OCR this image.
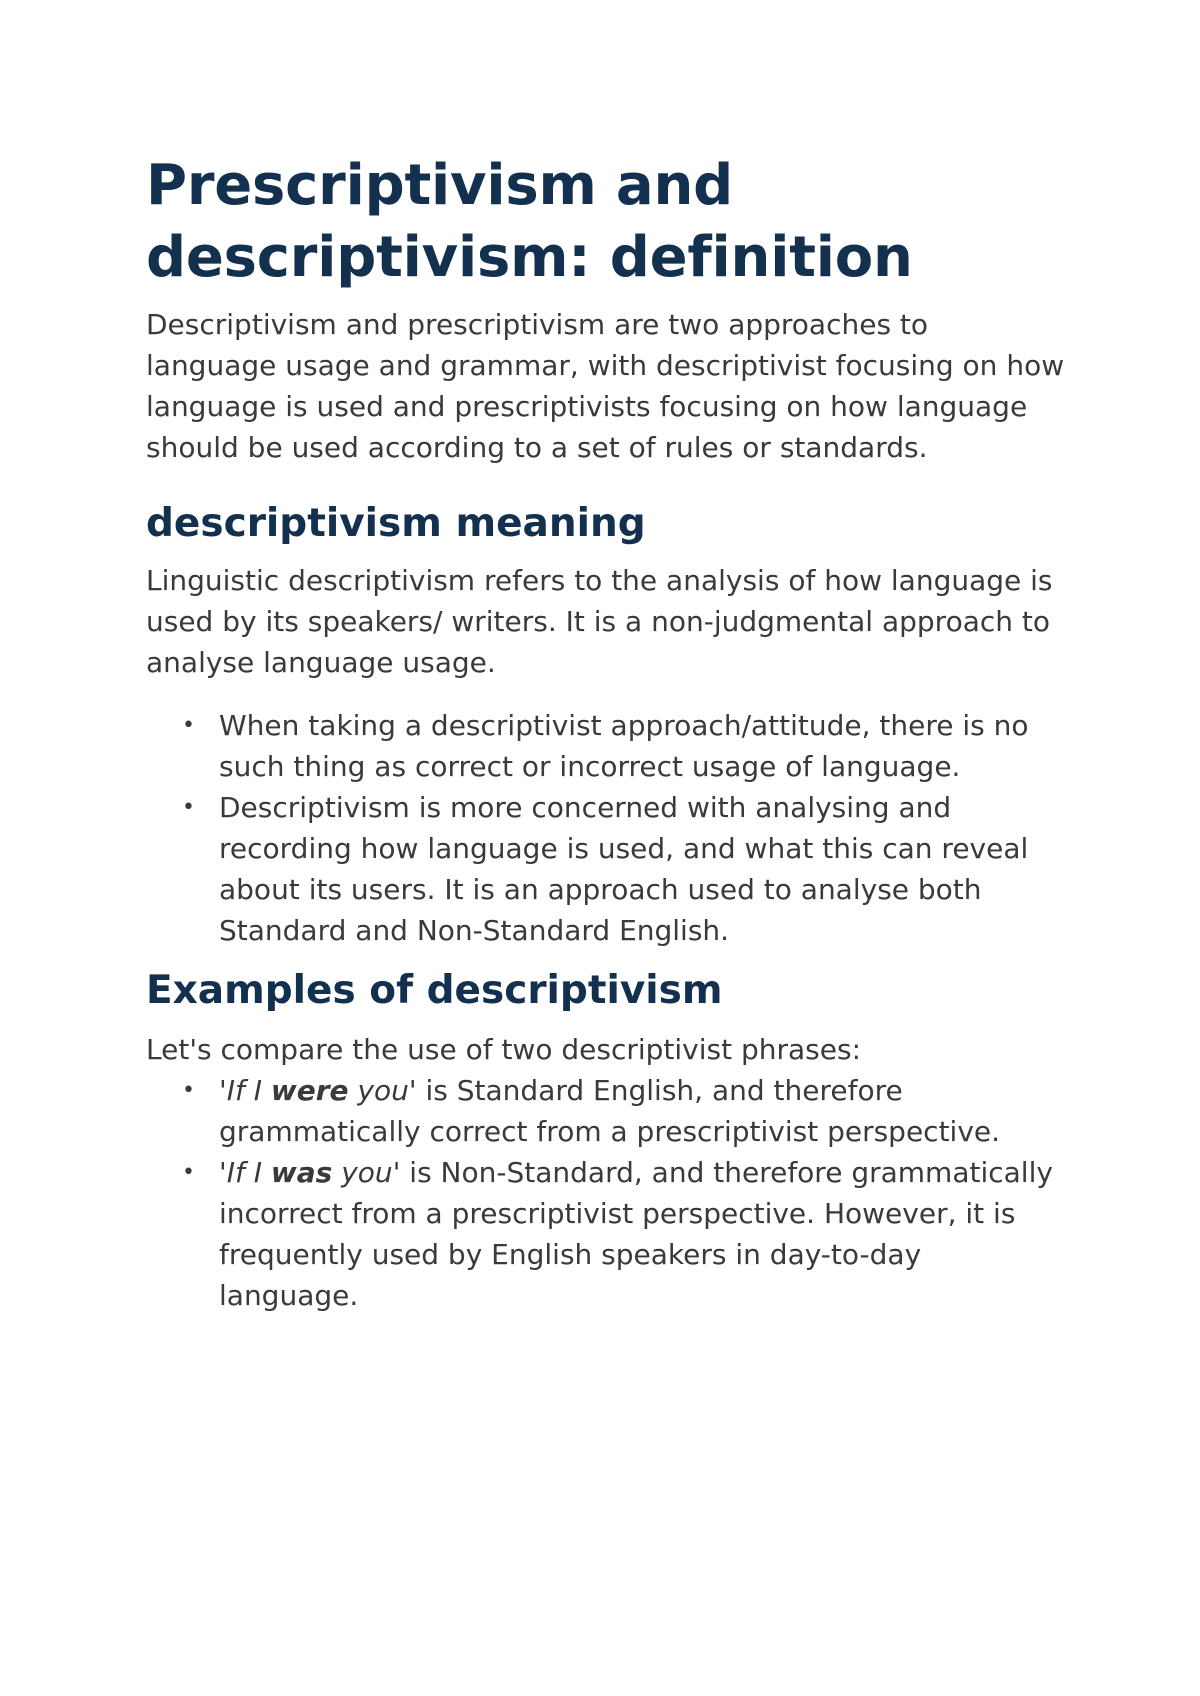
Prescriptivism and descriptivism: definition

Descriptivism and prescriptivism are two approaches to language usage and grammar, with descriptivist focusing on how language is used and prescriptivists focusing on how language should be used according to a set of rules or standards.

descriptivism meaning

Linguistic descriptivism refers to the analysis of how language is used by its speakers/ writers. It is a non-judgmental approach to analyse language usage.

• When taking a descriptivist approach/attitude, there is no such thing as correct or incorrect usage of language.
• Descriptivism is more concerned with analysing and recording how language is used, and what this can reveal about its users. It is an approach used to analyse both Standard and Non-Standard English.
Examples of descriptivism

Let's compare the use of two descriptivist phrases:

• 'If I were you' is Standard English, and therefore grammatically correct from a prescriptivist perspective.
• 'If I was you' is Non-Standard, and therefore grammatically incorrect from a prescriptivist perspective. However, it is frequently used by English speakers in day-to-day language.
